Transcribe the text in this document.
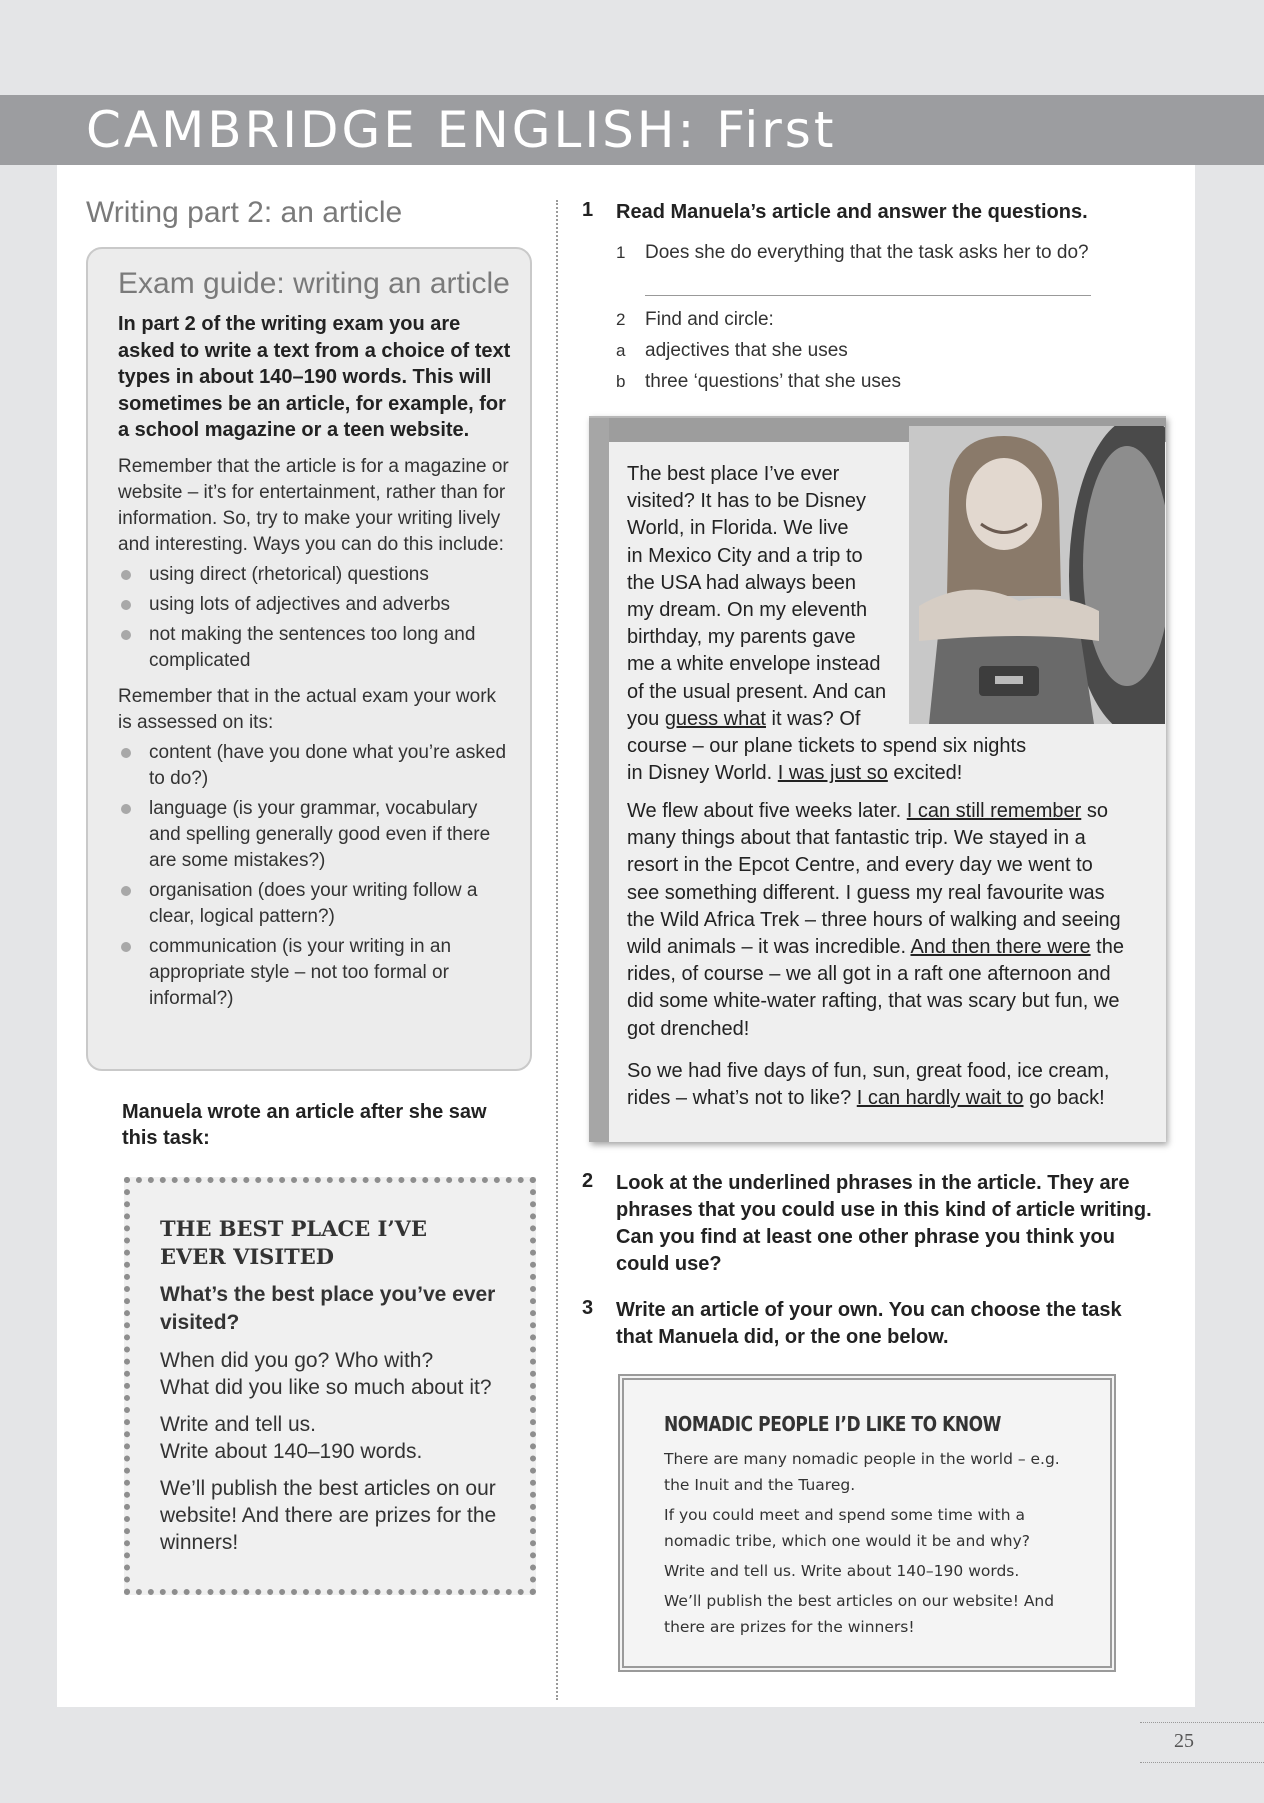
CAMBRIDGE ENGLISH: First
Writing part 2: an article
Exam guide: writing an article
In part 2 of the writing exam you are asked to write a text from a choice of text types in about 140–190 words. This will sometimes be an article, for example, for a school magazine or a teen website.
Remember that the article is for a magazine or website – it’s for entertainment, rather than for information. So, try to make your writing lively and interesting. Ways you can do this include:
using direct (rhetorical) questions
using lots of adjectives and adverbs
not making the sentences too long and complicated
Remember that in the actual exam your work is assessed on its:
content (have you done what you’re asked to do?)
language (is your grammar, vocabulary and spelling generally good even if there are some mistakes?)
organisation (does your writing follow a clear, logical pattern?)
communication (is your writing in an appropriate style – not too formal or informal?)
Manuela wrote an article after she saw this task:
THE BEST PLACE I’VE
EVER VISITED
What’s the best place you’ve ever visited?
When did you go? Who with?
What did you like so much about it?
Write and tell us.
Write about 140–190 words.
We’ll publish the best articles on our website! And there are prizes for the winners!
1 Read Manuela’s article and answer the questions.
1 Does she do everything that the task asks her to do?
2 Find and circle:
a adjectives that she uses
b three ‘questions’ that she uses
The best place I’ve ever
visited? It has to be Disney
World, in Florida. We live
in Mexico City and a trip to
the USA had always been
my dream. On my eleventh
birthday, my parents gave
me a white envelope instead
of the usual present. And can
you guess what it was? Of
course – our plane tickets to spend six nights
in Disney World. I was just so excited!
We flew about five weeks later. I can still remember so
many things about that fantastic trip. We stayed in a
resort in the Epcot Centre, and every day we went to
see something different. I guess my real favourite was
the Wild Africa Trek – three hours of walking and seeing
wild animals – it was incredible. And then there were the
rides, of course – we all got in a raft one afternoon and
did some white-water rafting, that was scary but fun, we
got drenched!
So we had five days of fun, sun, great food, ice cream,
rides – what’s not to like? I can hardly wait to go back!
2 Look at the underlined phrases in the article. They are phrases that you could use in this kind of article writing. Can you find at least one other phrase you think you could use?
3 Write an article of your own. You can choose the task that Manuela did, or the one below.
NOMADIC PEOPLE I’D LIKE TO KNOW
There are many nomadic people in the world – e.g. the Inuit and the Tuareg.
If you could meet and spend some time with a nomadic tribe, which one would it be and why?
Write and tell us. Write about 140–190 words.
We’ll publish the best articles on our website! And there are prizes for the winners!
25
